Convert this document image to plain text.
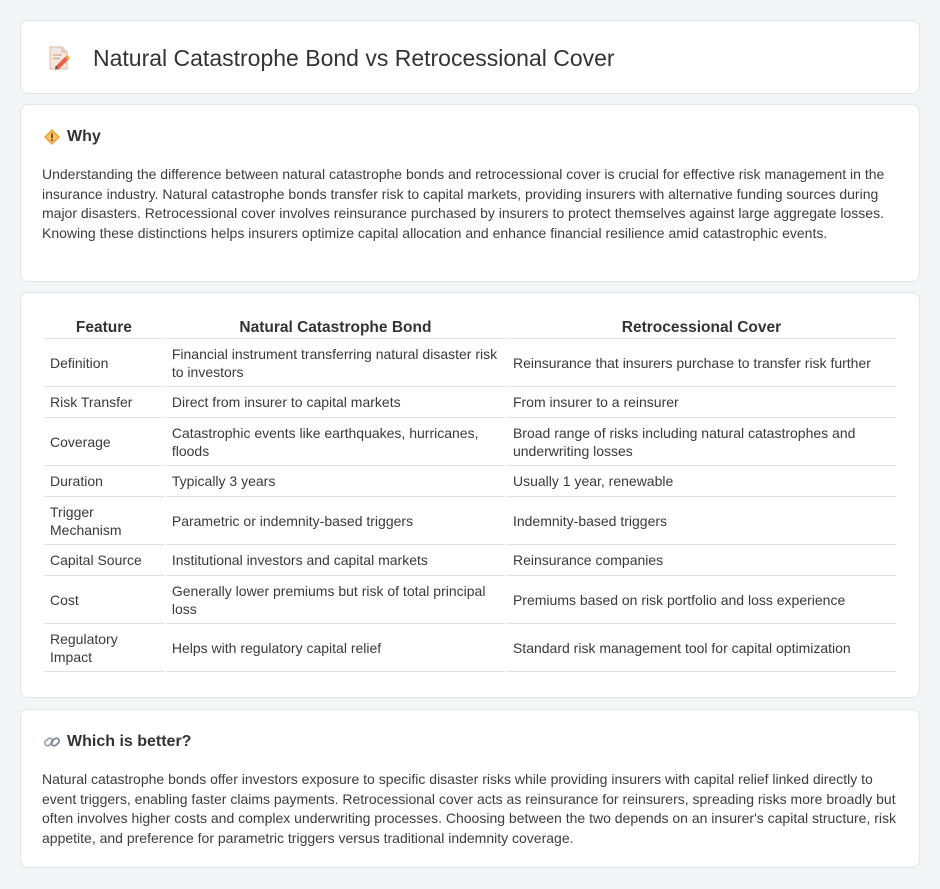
Natural Catastrophe Bond vs Retrocessional Cover
Why

Understanding the difference between natural catastrophe bonds and retrocessional cover is crucial for effective risk management in the insurance industry. Natural catastrophe bonds transfer risk to capital markets, providing insurers with alternative funding sources during major disasters. Retrocessional cover involves reinsurance purchased by insurers to protect themselves against large aggregate losses. Knowing these distinctions helps insurers optimize capital allocation and enhance financial resilience amid catastrophic events.

Feature	Natural Catastrophe Bond	Retrocessional Cover
Definition	Financial instrument transferring natural disaster risk to investors	Reinsurance that insurers purchase to transfer risk further
Risk Transfer	Direct from insurer to capital markets	From insurer to a reinsurer
Coverage	Catastrophic events like earthquakes, hurricanes, floods	Broad range of risks including natural catastrophes and underwriting losses
Duration	Typically 3 years	Usually 1 year, renewable
Trigger Mechanism	Parametric or indemnity-based triggers	Indemnity-based triggers
Capital Source	Institutional investors and capital markets	Reinsurance companies
Cost	Generally lower premiums but risk of total principal loss	Premiums based on risk portfolio and loss experience
Regulatory Impact	Helps with regulatory capital relief	Standard risk management tool for capital optimization
Which is better?

Natural catastrophe bonds offer investors exposure to specific disaster risks while providing insurers with capital relief linked directly to event triggers, enabling faster claims payments. Retrocessional cover acts as reinsurance for reinsurers, spreading risks more broadly but often involves higher costs and complex underwriting processes. Choosing between the two depends on an insurer's capital structure, risk appetite, and preference for parametric triggers versus traditional indemnity coverage.
